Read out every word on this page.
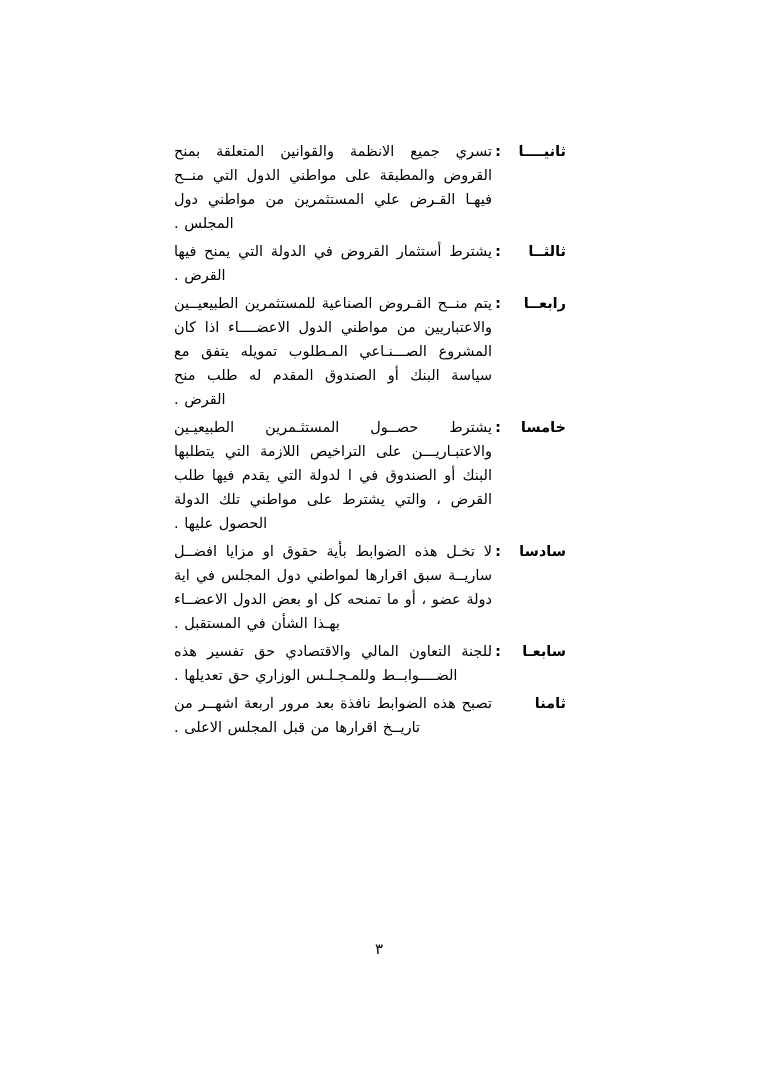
ثانيــــا
:
تسري جميع الانظمة والقوانين المتعلقة بمنح القروض والمطبقة على مواطني الدول التي منــح فيهـا القـرض علي المستثمرين من مواطني دول المجلس .
ثالثــا
:
يشترط أستثمار القروض في الدولة التي يمنح فيها القرض .
رابعــا
:
يتم منــح القـروض الصناعية للمستثمرين الطبيعيــين والاعتباريين من مواطني الدول الاعضــــاء اذا كان المشروع الصـــنـاعي المـطلوب تمويله يتفق مع سياسة البنك أو الصندوق المقدم له طلب منح القرض .
خامسا
:
يشترط حصــول المستثـمرين الطبيعيـين والاعتبـاريـــن على التراخيص اللازمة التي يتطلبها البنك أو الصندوق في ا لدولة التي يقدم فيها طلب القرض ، والتي يشترط على مواطني تلك الدولة الحصول عليها .
سادسا
:
لا تخـل هذه الضوابط بأية حقوق او مزايا افضــل ساريــة سبق اقرارها لمواطني دول المجلس في اية دولة عضو ، أو ما تمنحه كل او بعض الدول الاعضــاء بهـذا الشأن في المستقبل .
سابعـا
:
للجنة التعاون المالي والاقتصادي حق تفسير هذه الضــــوابــط وللمـجـلـس الوزاري حق تعديلها .
ثامنا
تصبح هذه الضوابط نافذة بعد مرور اربعة اشهــر من تاريــخ اقرارها من قبل المجلس الاعلى .
٣
